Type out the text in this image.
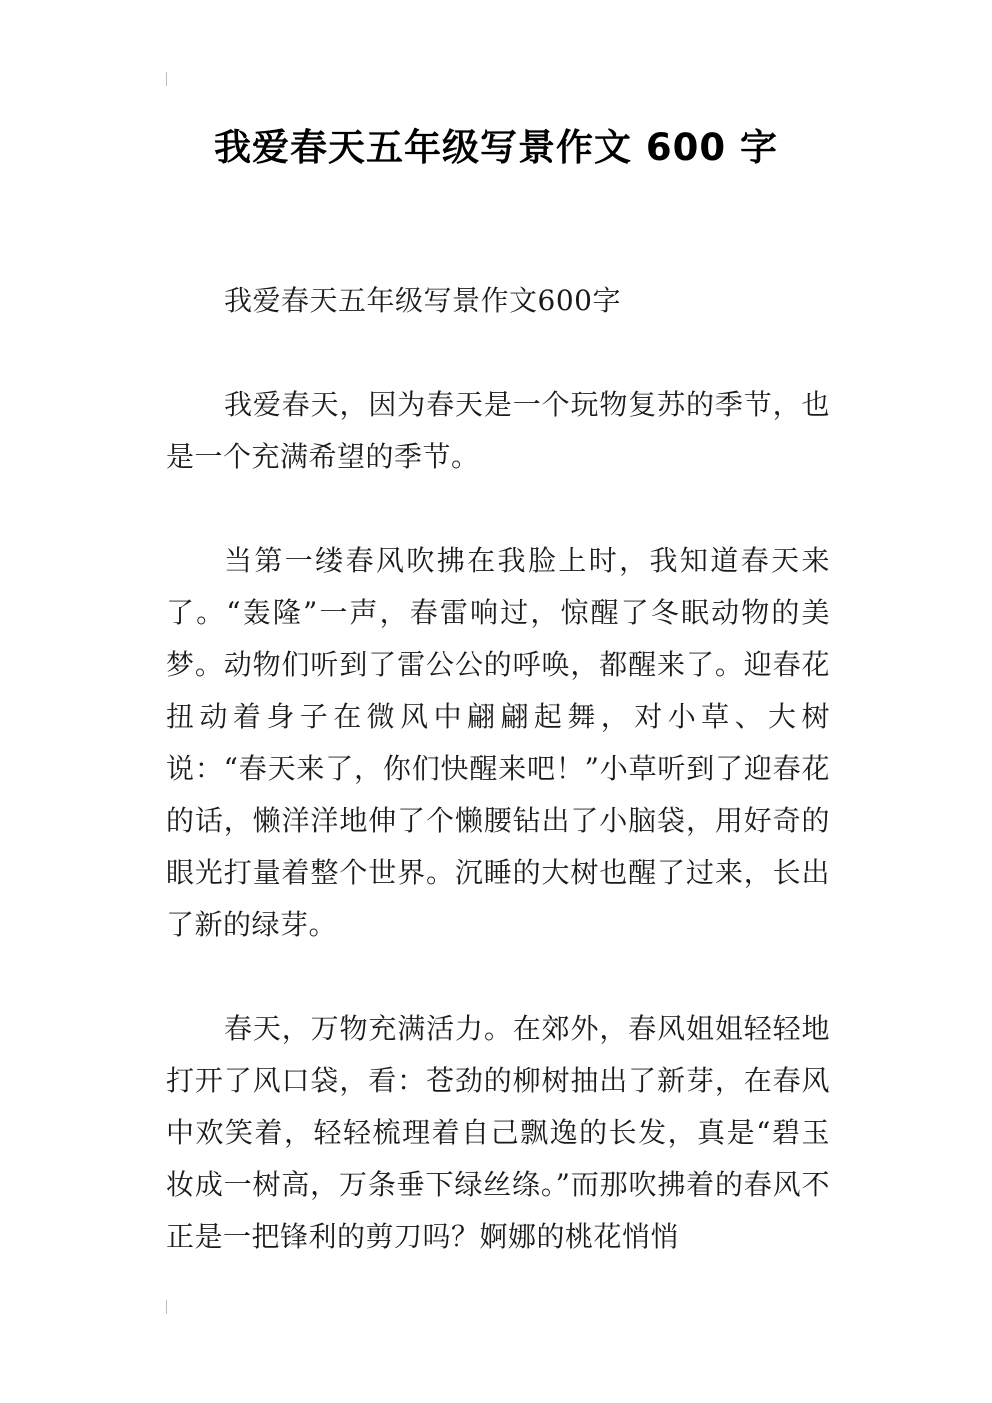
我爱春天五年级写景作文 600 字

我爱春天五年级写景作文600字

我爱春天，因为春天是一个玩物复苏的季节，也是一个充满希望的季节。

当第一缕春风吹拂在我脸上时，我知道春天来了。“轰隆”一声，春雷响过，惊醒了冬眠动物的美梦。动物们听到了雷公公的呼唤，都醒来了。迎春花扭动着身子在微风中翩翩起舞，对小草、大树说：“春天来了，你们快醒来吧！”小草听到了迎春花的话，懒洋洋地伸了个懒腰钻出了小脑袋，用好奇的眼光打量着整个世界。沉睡的大树也醒了过来，长出了新的绿芽。

春天，万物充满活力。在郊外，春风姐姐轻轻地打开了风口袋，看：苍劲的柳树抽出了新芽，在春风中欢笑着，轻轻梳理着自己飘逸的长发，真是“碧玉妆成一树高，万条垂下绿丝绦。”而那吹拂着的春风不正是一把锋利的剪刀吗？婀娜的桃花悄悄
